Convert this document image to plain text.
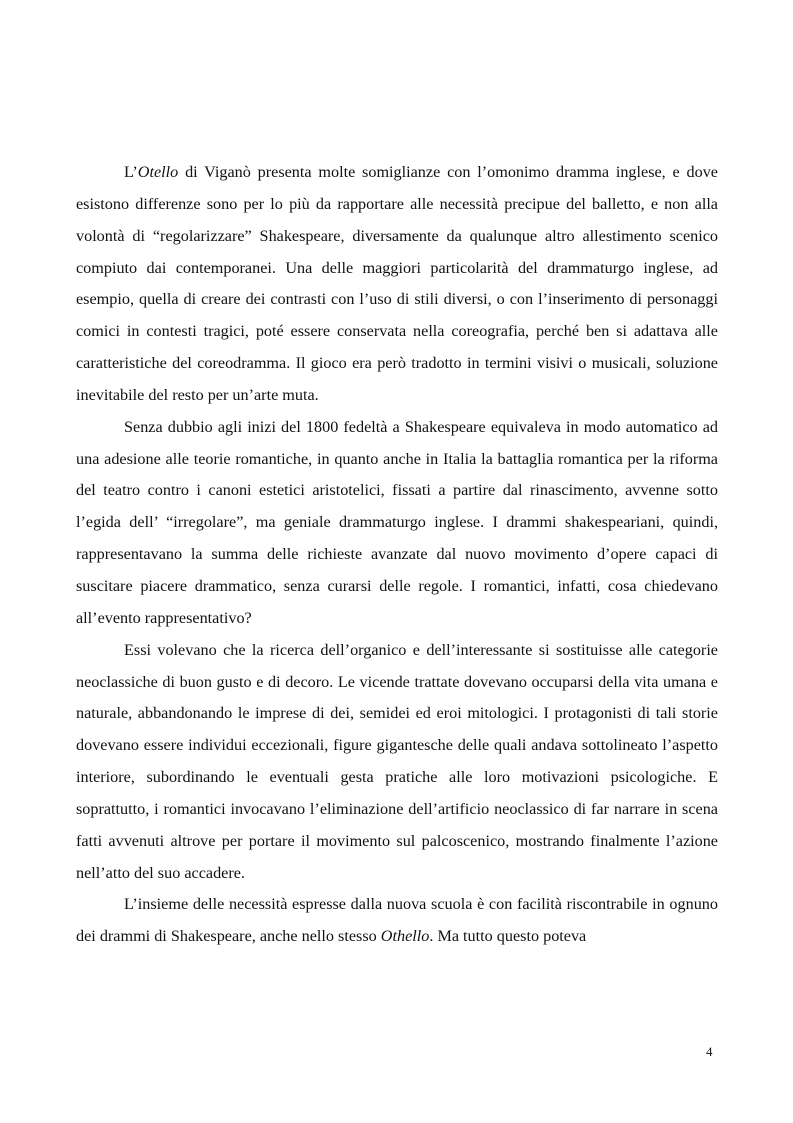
L’Otello di Viganò presenta molte somiglianze con l’omonimo dramma inglese, e dove esistono differenze sono per lo più da rapportare alle necessità precipue del balletto, e non alla volontà di “regolarizzare” Shakespeare, diversamente da qualunque altro allestimento scenico compiuto dai contemporanei. Una delle maggiori particolarità del drammaturgo inglese, ad esempio, quella di creare dei contrasti con l’uso di stili diversi, o con l’inserimento di personaggi comici in contesti tragici, poté essere conservata nella coreografia, perché ben si adattava alle caratteristiche del coreodramma. Il gioco era però tradotto in termini visivi o musicali, soluzione inevitabile del resto per un’arte muta.

Senza dubbio agli inizi del 1800 fedeltà a Shakespeare equivaleva in modo automatico ad una adesione alle teorie romantiche, in quanto anche in Italia la battaglia romantica per la riforma del teatro contro i canoni estetici aristotelici, fissati a partire dal rinascimento, avvenne sotto l’egida dell’ “irregolare”, ma geniale drammaturgo inglese. I drammi shakespeariani, quindi, rappresentavano la summa delle richieste avanzate dal nuovo movimento d’opere capaci di suscitare piacere drammatico, senza curarsi delle regole. I romantici, infatti, cosa chiedevano all’evento rappresentativo?

Essi volevano che la ricerca dell’organico e dell’interessante si sostituisse alle categorie neoclassiche di buon gusto e di decoro. Le vicende trattate dovevano occuparsi della vita umana e naturale, abbandonando le imprese di dei, semidei ed eroi mitologici. I protagonisti di tali storie dovevano essere individui eccezionali, figure gigantesche delle quali andava sottolineato l’aspetto interiore, subordinando le eventuali gesta pratiche alle loro motivazioni psicologiche. E soprattutto, i romantici invocavano l’eliminazione dell’artificio neoclassico di far narrare in scena fatti avvenuti altrove per portare il movimento sul palcoscenico, mostrando finalmente l’azione nell’atto del suo accadere.

L’insieme delle necessità espresse dalla nuova scuola è con facilità riscontrabile in ognuno dei drammi di Shakespeare, anche nello stesso Othello. Ma tutto questo poteva

4
